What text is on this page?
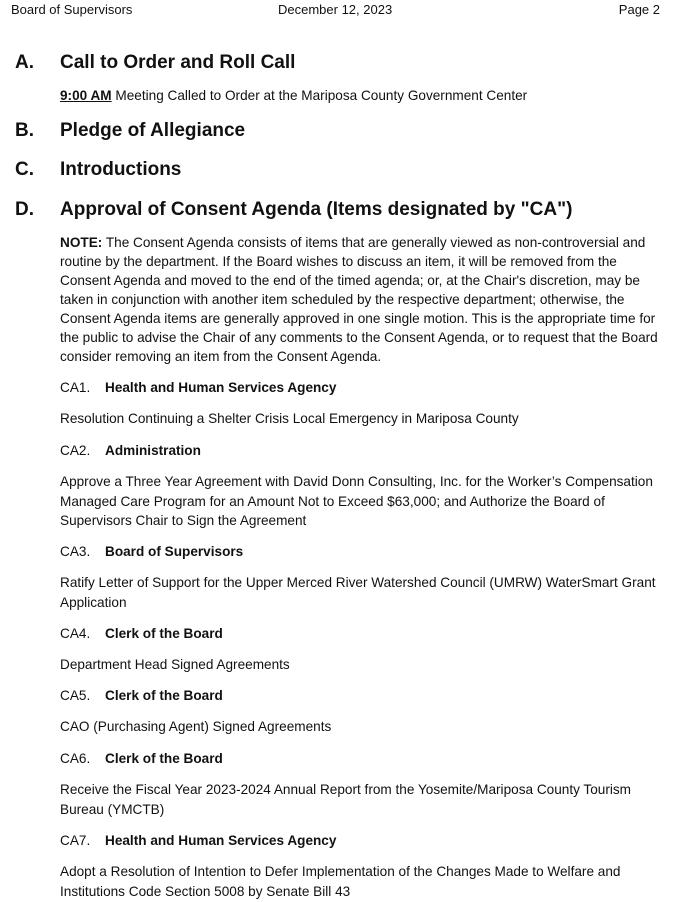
Board of Supervisors	December 12, 2023	Page 2
A. Call to Order and Roll Call

9:00 AM Meeting Called to Order at the Mariposa County Government Center

B. Pledge of Allegiance
C. Introductions
D. Approval of Consent Agenda (Items designated by "CA")

NOTE: The Consent Agenda consists of items that are generally viewed as non-controversial and routine by the department. If the Board wishes to discuss an item, it will be removed from the Consent Agenda and moved to the end of the timed agenda; or, at the Chair's discretion, may be taken in conjunction with another item scheduled by the respective department; otherwise, the Consent Agenda items are generally approved in one single motion. This is the appropriate time for the public to advise the Chair of any comments to the Consent Agenda, or to request that the Board consider removing an item from the Consent Agenda.

CA1. Health and Human Services Agency

Resolution Continuing a Shelter Crisis Local Emergency in Mariposa County

CA2. Administration

Approve a Three Year Agreement with David Donn Consulting, Inc. for the Worker’s Compensation Managed Care Program for an Amount Not to Exceed $63,000; and Authorize the Board of Supervisors Chair to Sign the Agreement

CA3. Board of Supervisors

Ratify Letter of Support for the Upper Merced River Watershed Council (UMRW) WaterSmart Grant Application

CA4. Clerk of the Board

Department Head Signed Agreements

CA5. Clerk of the Board

CAO (Purchasing Agent) Signed Agreements

CA6. Clerk of the Board

Receive the Fiscal Year 2023-2024 Annual Report from the Yosemite/Mariposa County Tourism Bureau (YMCTB)

CA7. Health and Human Services Agency

Adopt a Resolution of Intention to Defer Implementation of the Changes Made to Welfare and Institutions Code Section 5008 by Senate Bill 43
